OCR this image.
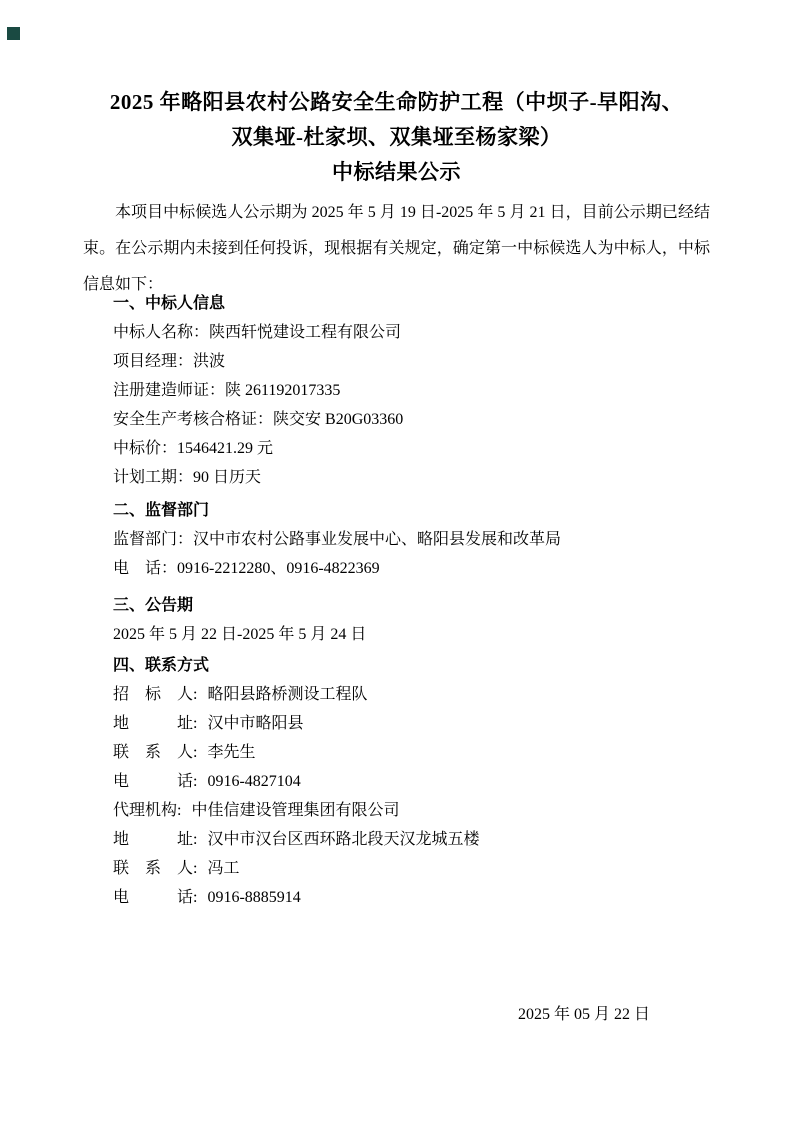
2025 年略阳县农村公路安全生命防护工程（中坝子-早阳沟、
双集垭-杜家坝、双集垭至杨家梁）
中标结果公示
本项目中标候选人公示期为 2025 年 5 月 19 日-2025 年 5 月 21 日，目前公示期已经结束。在公示期内未接到任何投诉，现根据有关规定，确定第一中标候选人为中标人，中标信息如下：
一、中标人信息
中标人名称：陕西轩悦建设工程有限公司
项目经理：洪波
注册建造师证：陕 261192017335
安全生产考核合格证：陕交安 B20G03360
中标价：1546421.29 元
计划工期：90 日历天
二、监督部门
监督部门：汉中市农村公路事业发展中心、略阳县发展和改革局
电　话：0916-2212280、0916-4822369
三、公告期
2025 年 5 月 22 日-2025 年 5 月 24 日
四、联系方式
招　标　人: 略阳县路桥测设工程队
地　　　址: 汉中市略阳县
联　系　人: 李先生
电　　　话: 0916-4827104
代理机构: 中佳信建设管理集团有限公司
地　　　址: 汉中市汉台区西环路北段天汉龙城五楼
联　系　人: 冯工
电　　　话: 0916-8885914
2025 年 05 月 22 日
